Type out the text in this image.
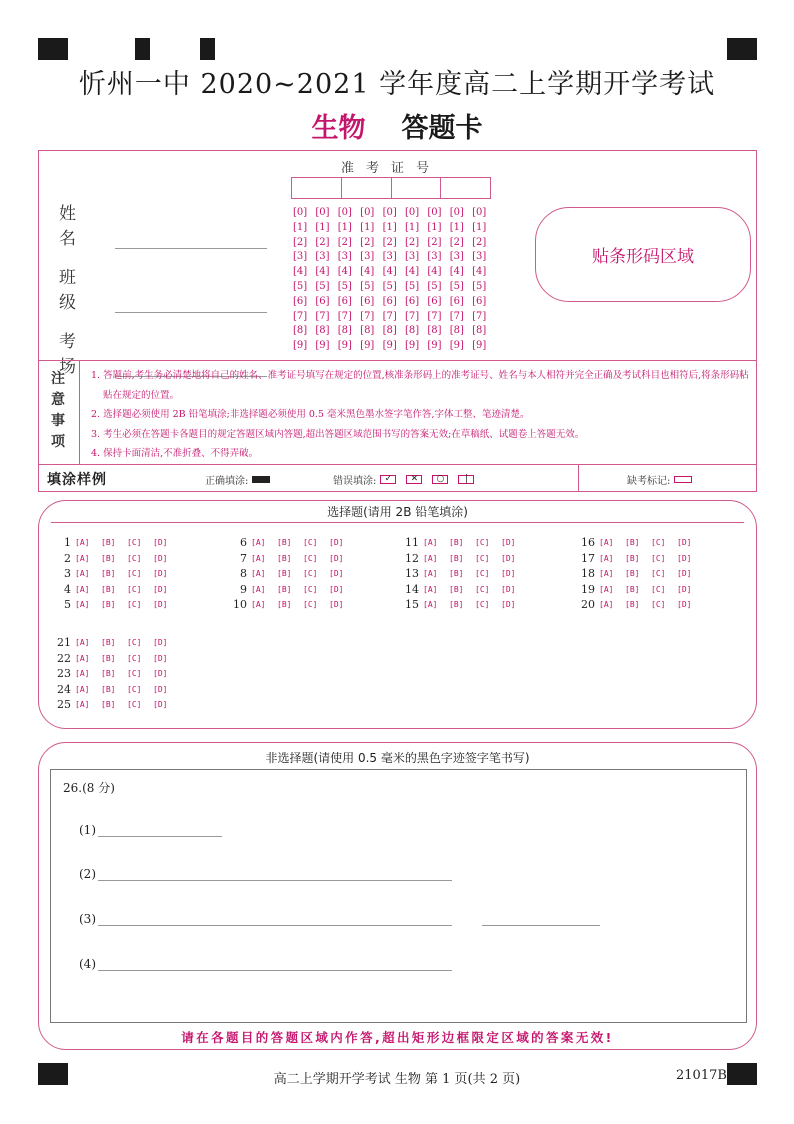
忻州一中 2020~2021 学年度高二上学期开学考试
生物 答题卡
姓 名
班 级
考 场
准考证号
[0] [0] [0] [0] [0] [0] [0] [0] [0]
[1] [1] [1] [1] [1] [1] [1] [1] [1]
[2] [2] [2] [2] [2] [2] [2] [2] [2]
[3] [3] [3] [3] [3] [3] [3] [3] [3]
[4] [4] [4] [4] [4] [4] [4] [4] [4]
[5] [5] [5] [5] [5] [5] [5] [5] [5]
[6] [6] [6] [6] [6] [6] [6] [6] [6]
[7] [7] [7] [7] [7] [7] [7] [7] [7]
[8] [8] [8] [8] [8] [8] [8] [8] [8]
[9] [9] [9] [9] [9] [9] [9] [9] [9]
贴条形码区域
注意事项
1. 答题前,考生务必清楚地将自己的姓名、准考证号填写在规定的位置,核准条形码上的准考证号、姓名与本人相符并完全正确及考试科目也相符后,将条形码粘贴在规定的位置。
2. 选择题必须使用 2B 铅笔填涂;非选择题必须使用 0.5 毫米黑色墨水签字笔作答,字体工整、笔迹清楚。
3. 考生必须在答题卡各题目的规定答题区域内答题,超出答题区域范围书写的答案无效;在草稿纸、试题卷上答题无效。
4. 保持卡面清洁,不准折叠、不得弄破。
填涂样例	正确填涂:	错误填涂: ✓	✕	○	|	缺考标记:
选择题(请用 2B 铅笔填涂)
1 [A]	[B]	[C]	[D]
2 [A]	[B]	[C]	[D]
3 [A]	[B]	[C]	[D]
4 [A]	[B]	[C]	[D]
5 [A]	[B]	[C]	[D]
6 [A]	[B]	[C]	[D]
7 [A]	[B]	[C]	[D]
8 [A]	[B]	[C]	[D]
9 [A]	[B]	[C]	[D]
10 [A]	[B]	[C]	[D]
11 [A]	[B]	[C]	[D]
12 [A]	[B]	[C]	[D]
13 [A]	[B]	[C]	[D]
14 [A]	[B]	[C]	[D]
15 [A]	[B]	[C]	[D]
16 [A]	[B]	[C]	[D]
17 [A]	[B]	[C]	[D]
18 [A]	[B]	[C]	[D]
19 [A]	[B]	[C]	[D]
20 [A]	[B]	[C]	[D]
21 [A]	[B]	[C]	[D]
22 [A]	[B]	[C]	[D]
23 [A]	[B]	[C]	[D]
24 [A]	[B]	[C]	[D]
25 [A]	[B]	[C]	[D]
非选择题(请使用 0.5 毫米的黑色字迹签字笔书写)
26.(8 分)
(1)
(2)
(3)
(4)
请在各题目的答题区域内作答,超出矩形边框限定区域的答案无效!
高二上学期开学考试 生物 第 1 页(共 2 页)	21017B
